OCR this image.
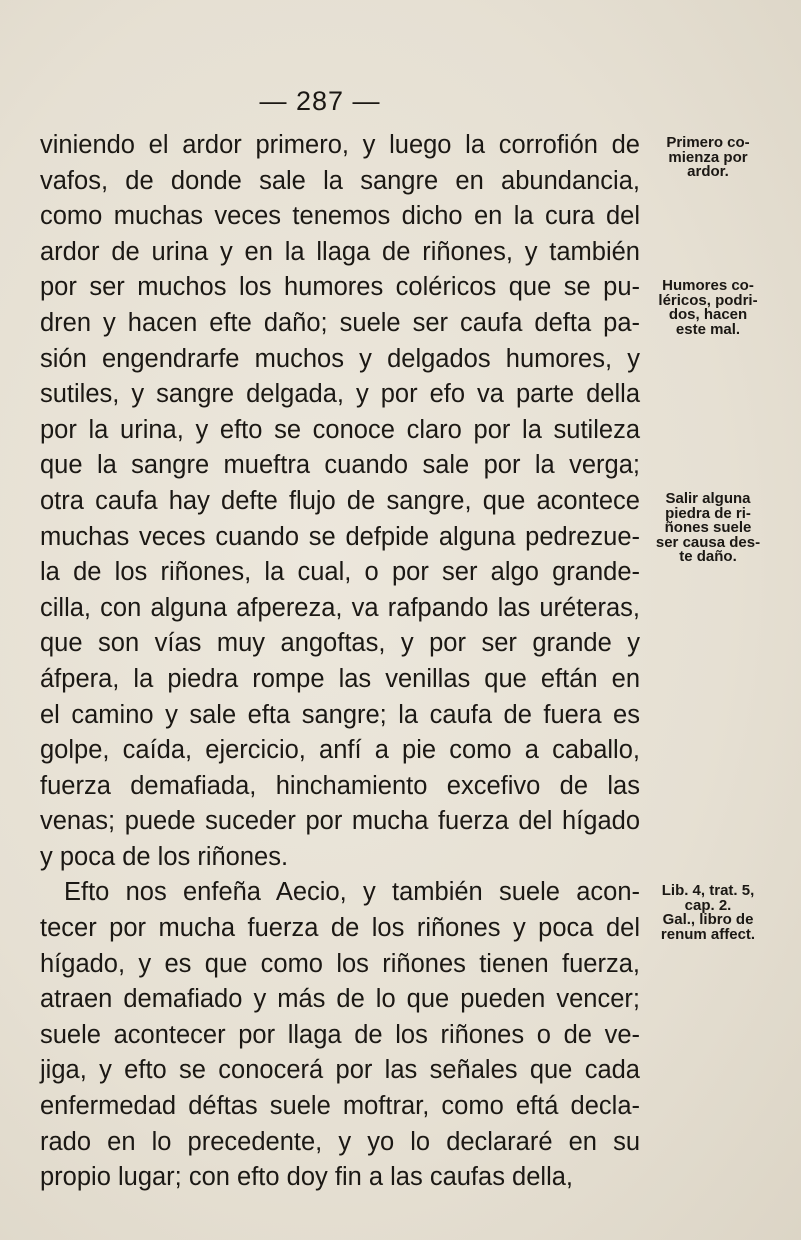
— 287 —
viniendo el ardor primero, y luego la corrofión de
vafos, de donde sale la sangre en abundancia,
como muchas veces tenemos dicho en la cura del
ardor de urina y en la llaga de riñones, y también
por ser muchos los humores coléricos que se pu-
dren y hacen efte daño; suele ser caufa defta pa-
sión engendrarfe muchos y delgados humores, y
sutiles, y sangre delgada, y por efo va parte della
por la urina, y efto se conoce claro por la sutileza
que la sangre mueftra cuando sale por la verga;
otra caufa hay defte flujo de sangre, que acontece
muchas veces cuando se defpide alguna pedrezue-
la de los riñones, la cual, o por ser algo grande-
cilla, con alguna afpereza, va rafpando las uréteras,
que son vías muy angoftas, y por ser grande y
áfpera, la piedra rompe las venillas que eftán en
el camino y sale efta sangre; la caufa de fuera es
golpe, caída, ejercicio, anfí a pie como a caballo,
fuerza demafiada, hinchamiento excefivo de las
venas; puede suceder por mucha fuerza del hígado
y poca de los riñones.
Efto nos enfeña Aecio, y también suele acon-
tecer por mucha fuerza de los riñones y poca del
hígado, y es que como los riñones tienen fuerza,
atraen demafiado y más de lo que pueden vencer;
suele acontecer por llaga de los riñones o de ve-
jiga, y efto se conocerá por las señales que cada
enfermedad déftas suele moftrar, como eftá decla-
rado en lo precedente, y yo lo declararé en su
propio lugar; con efto doy fin a las caufas della,
Primero co-
mienza por
ardor.
Humores co-
léricos, podri-
dos, hacen
este mal.
Salir alguna
piedra de ri-
ñones suele
ser causa des-
te daño.
Lib. 4, trat. 5,
cap. 2.
Gal., libro de
renum affect.
